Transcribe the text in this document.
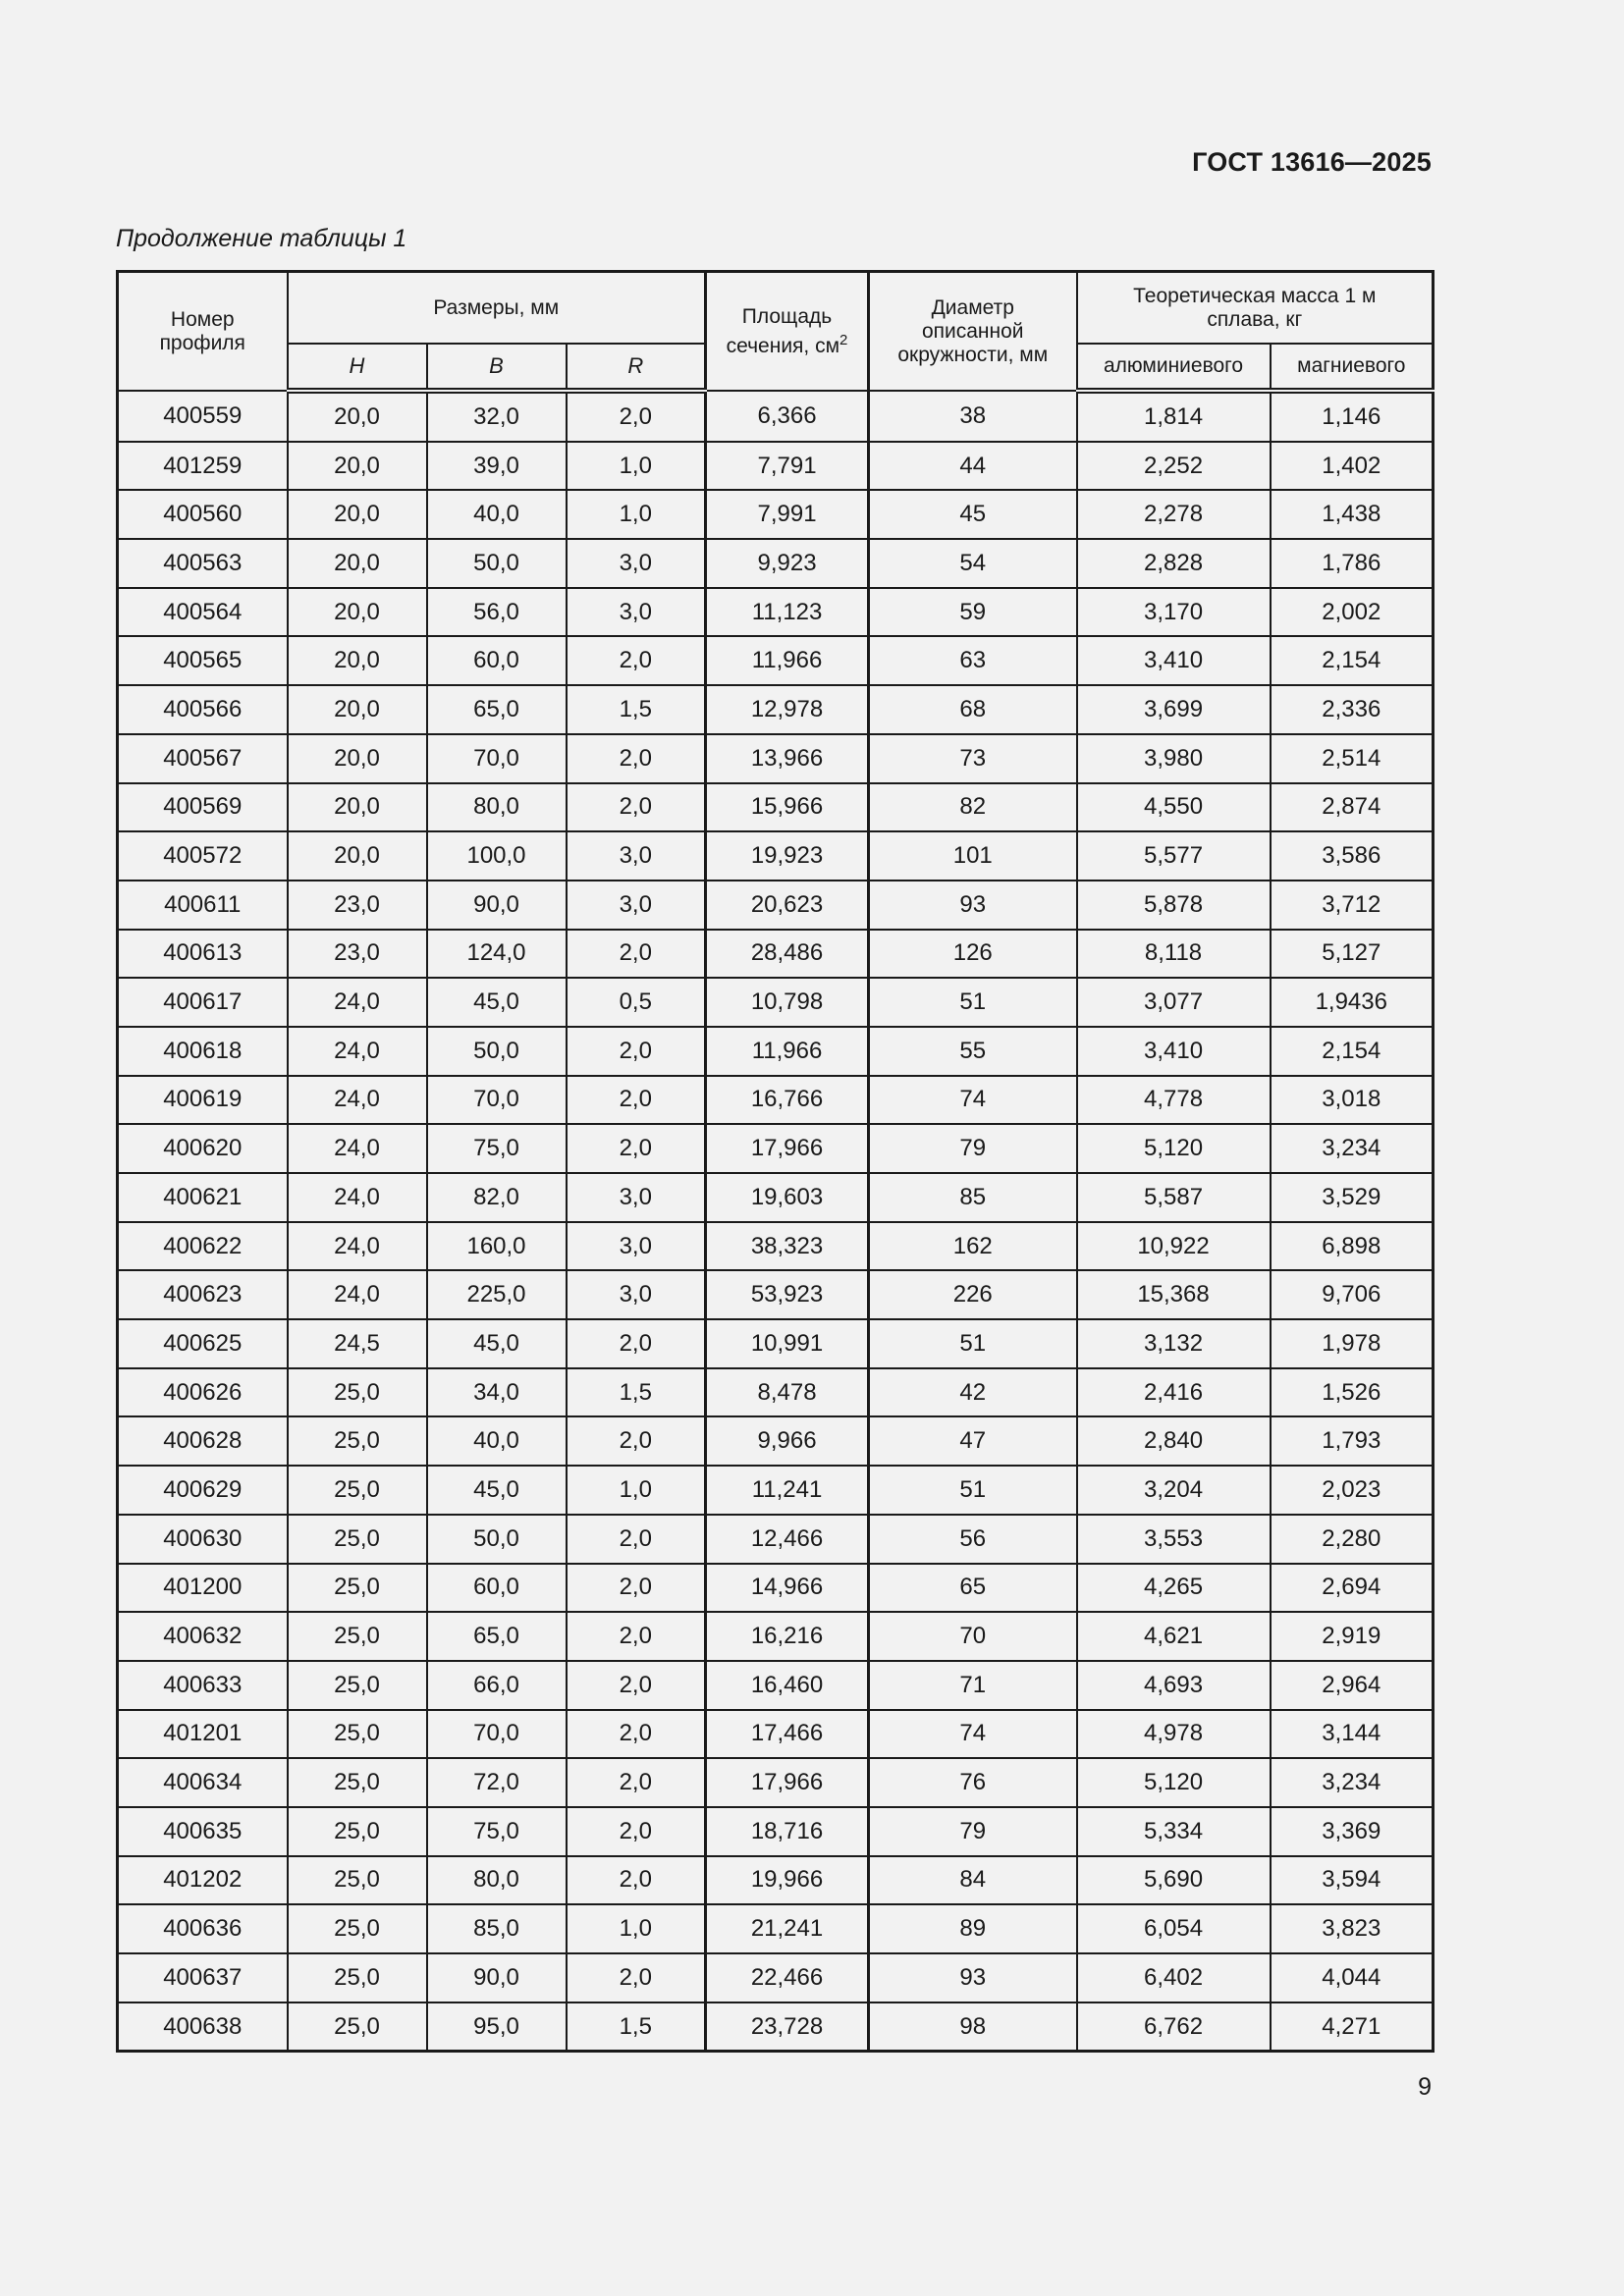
ГОСТ 13616—2025
Продолжение таблицы 1
Номер профиля	Размеры, мм			Площадь сечения, $см^2$	Диаметр описанной окружности, мм	Теоретическая масса 1 м сплава, кг	
	H	B	R			алюминиевого	магниевого
400559	20,0	32,0	2,0	6,366	38	1,814	1,146
401259	20,0	39,0	1,0	7,791	44	2,252	1,402
400560	20,0	40,0	1,0	7,991	45	2,278	1,438
400563	20,0	50,0	3,0	9,923	54	2,828	1,786
400564	20,0	56,0	3,0	11,123	59	3,170	2,002
400565	20,0	60,0	2,0	11,966	63	3,410	2,154
400566	20,0	65,0	1,5	12,978	68	3,699	2,336
400567	20,0	70,0	2,0	13,966	73	3,980	2,514
400569	20,0	80,0	2,0	15,966	82	4,550	2,874
400572	20,0	100,0	3,0	19,923	101	5,577	3,586
400611	23,0	90,0	3,0	20,623	93	5,878	3,712
400613	23,0	124,0	2,0	28,486	126	8,118	5,127
400617	24,0	45,0	0,5	10,798	51	3,077	1,9436
400618	24,0	50,0	2,0	11,966	55	3,410	2,154
400619	24,0	70,0	2,0	16,766	74	4,778	3,018
400620	24,0	75,0	2,0	17,966	79	5,120	3,234
400621	24,0	82,0	3,0	19,603	85	5,587	3,529
400622	24,0	160,0	3,0	38,323	162	10,922	6,898
400623	24,0	225,0	3,0	53,923	226	15,368	9,706
400625	24,5	45,0	2,0	10,991	51	3,132	1,978
400626	25,0	34,0	1,5	8,478	42	2,416	1,526
400628	25,0	40,0	2,0	9,966	47	2,840	1,793
400629	25,0	45,0	1,0	11,241	51	3,204	2,023
400630	25,0	50,0	2,0	12,466	56	3,553	2,280
401200	25,0	60,0	2,0	14,966	65	4,265	2,694
400632	25,0	65,0	2,0	16,216	70	4,621	2,919
400633	25,0	66,0	2,0	16,460	71	4,693	2,964
401201	25,0	70,0	2,0	17,466	74	4,978	3,144
400634	25,0	72,0	2,0	17,966	76	5,120	3,234
400635	25,0	75,0	2,0	18,716	79	5,334	3,369
401202	25,0	80,0	2,0	19,966	84	5,690	3,594
400636	25,0	85,0	1,0	21,241	89	6,054	3,823
400637	25,0	90,0	2,0	22,466	93	6,402	4,044
400638	25,0	95,0	1,5	23,728	98	6,762	4,271
9
